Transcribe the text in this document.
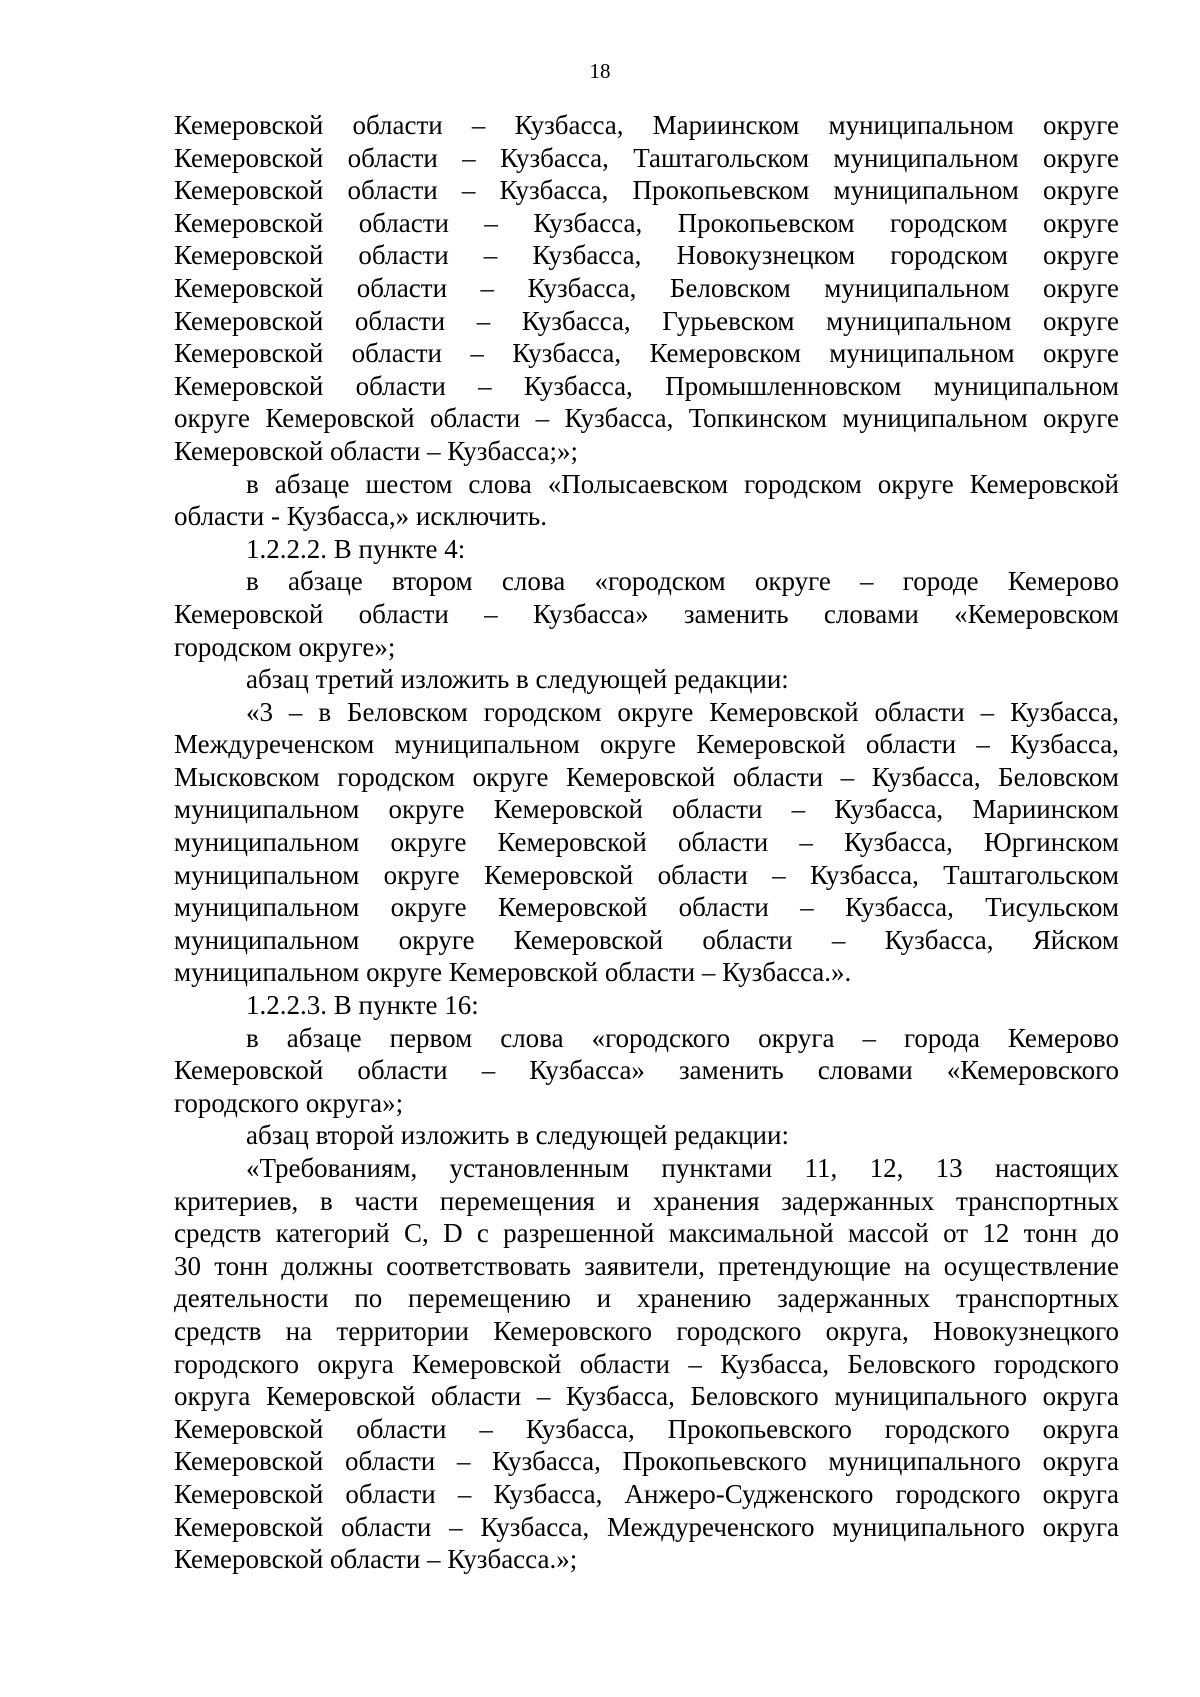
18
Кемеровской области – Кузбасса, Мариинском муниципальном округе
Кемеровской области – Кузбасса, Таштагольском муниципальном округе
Кемеровской области – Кузбасса, Прокопьевском муниципальном округе
Кемеровской области – Кузбасса, Прокопьевском городском округе
Кемеровской области – Кузбасса, Новокузнецком городском округе
Кемеровской области – Кузбасса, Беловском муниципальном округе
Кемеровской области – Кузбасса, Гурьевском муниципальном округе
Кемеровской области – Кузбасса, Кемеровском муниципальном округе
Кемеровской области – Кузбасса, Промышленновском муниципальном
округе Кемеровской области – Кузбасса, Топкинском муниципальном округе
Кемеровской области – Кузбасса;»;
в абзаце шестом слова «Полысаевском городском округе Кемеровской
области - Кузбасса,» исключить.
1.2.2.2. В пункте 4:
в абзаце втором слова «городском округе – городе Кемерово
Кемеровской области – Кузбасса» заменить словами «Кемеровском
городском округе»;
абзац третий изложить в следующей редакции:
«3 – в Беловском городском округе Кемеровской области – Кузбасса,
Междуреченском муниципальном округе Кемеровской области – Кузбасса,
Мысковском городском округе Кемеровской области – Кузбасса, Беловском
муниципальном округе Кемеровской области – Кузбасса, Мариинском
муниципальном округе Кемеровской области – Кузбасса, Юргинском
муниципальном округе Кемеровской области – Кузбасса, Таштагольском
муниципальном округе Кемеровской области – Кузбасса, Тисульском
муниципальном округе Кемеровской области – Кузбасса, Яйском
муниципальном округе Кемеровской области – Кузбасса.».
1.2.2.3. В пункте 16:
в абзаце первом слова «городского округа – города Кемерово
Кемеровской области – Кузбасса» заменить словами «Кемеровского
городского округа»;
абзац второй изложить в следующей редакции:
«Требованиям, установленным пунктами 11, 12, 13 настоящих
критериев, в части перемещения и хранения задержанных транспортных
средств категорий C, D с разрешенной максимальной массой от 12 тонн до
30 тонн должны соответствовать заявители, претендующие на осуществление
деятельности по перемещению и хранению задержанных транспортных
средств на территории Кемеровского городского округа, Новокузнецкого
городского округа Кемеровской области – Кузбасса, Беловского городского
округа Кемеровской области – Кузбасса, Беловского муниципального округа
Кемеровской области – Кузбасса, Прокопьевского городского округа
Кемеровской области – Кузбасса, Прокопьевского муниципального округа
Кемеровской области – Кузбасса, Анжеро-Судженского городского округа
Кемеровской области – Кузбасса, Междуреченского муниципального округа
Кемеровской области – Кузбасса.»;
